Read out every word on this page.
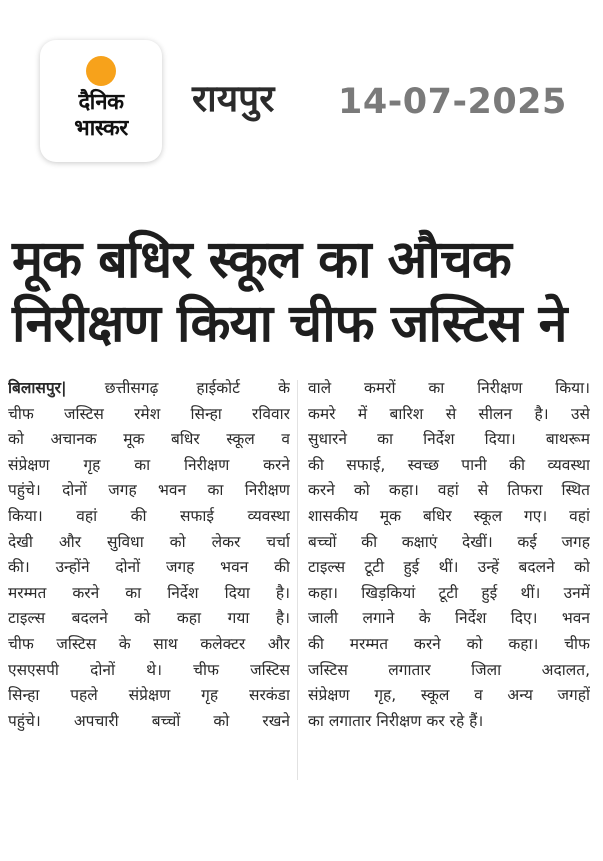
दैनिक
भास्कर
रायपुर 14-07-2025
मूक बधिर स्कूल का औचक
निरीक्षण किया चीफ जस्टिस ने
बिलासपुर| छत्तीसगढ़ हाईकोर्ट के
चीफ जस्टिस रमेश सिन्हा रविवार
को अचानक मूक बधिर स्कूल व
संप्रेक्षण गृह का निरीक्षण करने
पहुंचे। दोनों जगह भवन का निरीक्षण
किया। वहां की सफाई व्यवस्था
देखी और सुविधा को लेकर चर्चा
की। उन्होंने दोनों जगह भवन की
मरम्मत करने का निर्देश दिया है।
टाइल्स बदलने को कहा गया है।
चीफ जस्टिस के साथ कलेक्टर और
एसएसपी दोनों थे। चीफ जस्टिस
सिन्हा पहले संप्रेक्षण गृह सरकंडा
पहुंचे। अपचारी बच्चों को रखने
वाले कमरों का निरीक्षण किया।
कमरे में बारिश से सीलन है। उसे
सुधारने का निर्देश दिया। बाथरूम
की सफाई, स्वच्छ पानी की व्यवस्था
करने को कहा। वहां से तिफरा स्थित
शासकीय मूक बधिर स्कूल गए। वहां
बच्चों की कक्षाएं देखीं। कई जगह
टाइल्स टूटी हुई थीं। उन्हें बदलने को
कहा। खिड़कियां टूटी हुई थीं। उनमें
जाली लगाने के निर्देश दिए। भवन
की मरम्मत करने को कहा। चीफ
जस्टिस लगातार जिला अदालत,
संप्रेक्षण गृह, स्कूल व अन्य जगहों
का लगातार निरीक्षण कर रहे हैं।
